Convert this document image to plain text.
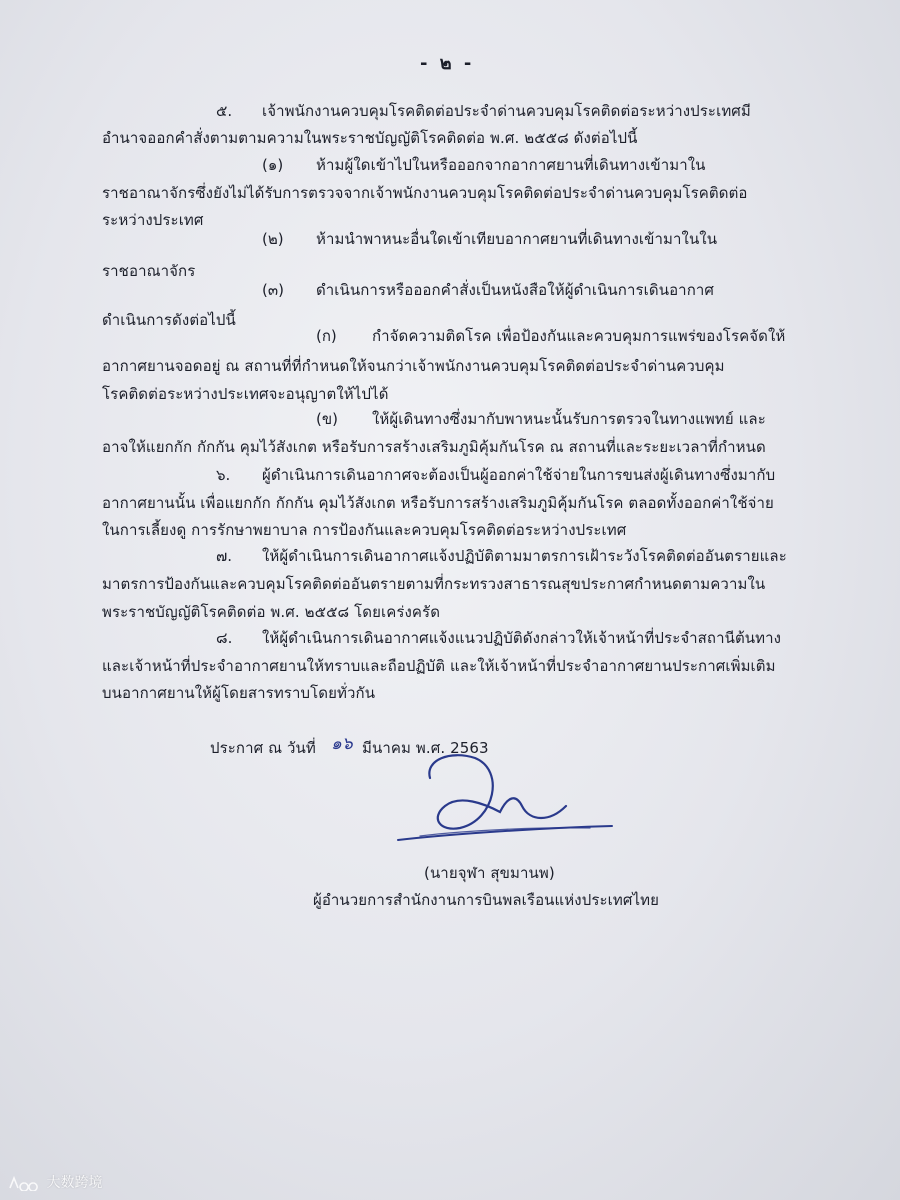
- ๒ -
๕. เจ้าพนักงานควบคุมโรคติดต่อประจำด่านควบคุมโรคติดต่อระหว่างประเทศมี
อำนาจออกคำสั่งตามตามความในพระราชบัญญัติโรคติดต่อ พ.ศ. ๒๕๕๘ ดังต่อไปนี้
(๑) ห้ามผู้ใดเข้าไปในหรือออกจากอากาศยานที่เดินทางเข้ามาใน
ราชอาณาจักรซึ่งยังไม่ได้รับการตรวจจากเจ้าพนักงานควบคุมโรคติดต่อประจำด่านควบคุมโรคติดต่อ
ระหว่างประเทศ
(๒) ห้ามนำพาหนะอื่นใดเข้าเทียบอากาศยานที่เดินทางเข้ามาในใน
ราชอาณาจักร
(๓) ดำเนินการหรือออกคำสั่งเป็นหนังสือให้ผู้ดำเนินการเดินอากาศ
ดำเนินการดังต่อไปนี้
(ก) กำจัดความติดโรค เพื่อป้องกันและควบคุมการแพร่ของโรคจัดให้
อากาศยานจอดอยู่ ณ สถานที่ที่กำหนดให้จนกว่าเจ้าพนักงานควบคุมโรคติดต่อประจำด่านควบคุม
โรคติดต่อระหว่างประเทศจะอนุญาตให้ไปได้
(ข) ให้ผู้เดินทางซึ่งมากับพาหนะนั้นรับการตรวจในทางแพทย์ และ
อาจให้แยกกัก กักกัน คุมไว้สังเกต หรือรับการสร้างเสริมภูมิคุ้มกันโรค ณ สถานที่และระยะเวลาที่กำหนด
๖. ผู้ดำเนินการเดินอากาศจะต้องเป็นผู้ออกค่าใช้จ่ายในการขนส่งผู้เดินทางซึ่งมากับ
อากาศยานนั้น เพื่อแยกกัก กักกัน คุมไว้สังเกต หรือรับการสร้างเสริมภูมิคุ้มกันโรค ตลอดทั้งออกค่าใช้จ่าย
ในการเลี้ยงดู การรักษาพยาบาล การป้องกันและควบคุมโรคติดต่อระหว่างประเทศ
๗. ให้ผู้ดำเนินการเดินอากาศแจ้งปฏิบัติตามมาตรการเฝ้าระวังโรคติดต่ออันตรายและ
มาตรการป้องกันและควบคุมโรคติดต่ออันตรายตามที่กระทรวงสาธารณสุขประกาศกำหนดตามความใน
พระราชบัญญัติโรคติดต่อ พ.ศ. ๒๕๕๘ โดยเคร่งครัด
๘. ให้ผู้ดำเนินการเดินอากาศแจ้งแนวปฏิบัติดังกล่าวให้เจ้าหน้าที่ประจำสถานีต้นทาง
และเจ้าหน้าที่ประจำอากาศยานให้ทราบและถือปฏิบัติ และให้เจ้าหน้าที่ประจำอากาศยานประกาศเพิ่มเติม
บนอากาศยานให้ผู้โดยสารทราบโดยทั่วกัน
ประกาศ ณ วันที่ ๑๖ มีนาคม พ.ศ. 2563
(นายจุฬา สุขมานพ)
ผู้อำนวยการสำนักงานการบินพลเรือนแห่งประเทศไทย
大数跨境
